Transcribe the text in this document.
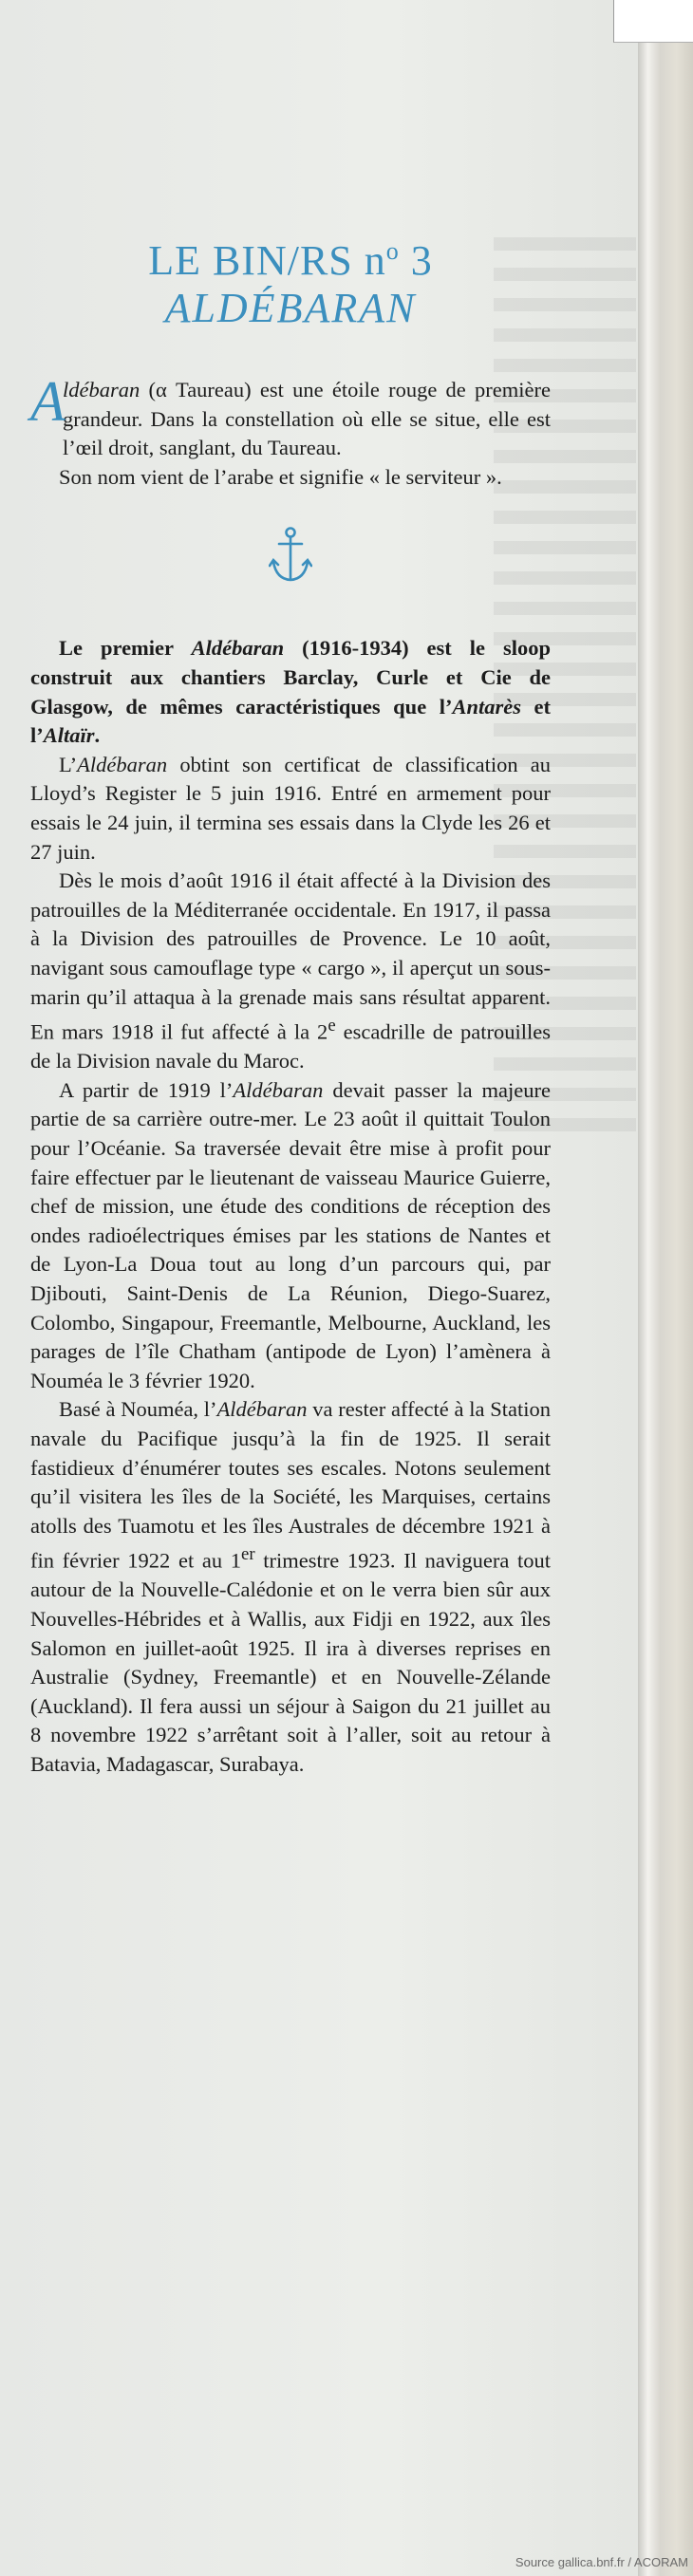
LE BIN/RS $n^o$ 3
ALDÉBARAN
A

ldébaran (α Taureau) est une étoile rouge de première grandeur. Dans la constellation où elle se situe, elle est l’œil droit, sanglant, du Taureau.

Son nom vient de l’arabe et signifie « le serviteur ».

Le premier Aldébaran (1916-1934) est le sloop construit aux chantiers Barclay, Curle et Cie de Glasgow, de mêmes caractéristiques que l’Antarès et l’Altaïr.

L’Aldébaran obtint son certificat de classification au Lloyd’s Register le 5 juin 1916. Entré en armement pour essais le 24 juin, il termina ses essais dans la Clyde les 26 et 27 juin.

Dès le mois d’août 1916 il était affecté à la Division des patrouilles de la Méditerranée occidentale. En 1917, il passa à la Division des patrouilles de Provence. Le 10 août, navigant sous camouflage type « cargo », il aperçut un sous-marin qu’il attaqua à la grenade mais sans résultat apparent. En mars 1918 il fut affecté à la 2e escadrille de patrouilles de la Division navale du Maroc.

A partir de 1919 l’Aldébaran devait passer la majeure partie de sa carrière outre-mer. Le 23 août il quittait Toulon pour l’Océanie. Sa traversée devait être mise à profit pour faire effectuer par le lieutenant de vaisseau Maurice Guierre, chef de mission, une étude des conditions de réception des ondes radioélectriques émises par les stations de Nantes et de Lyon-La Doua tout au long d’un parcours qui, par Djibouti, Saint-Denis de La Réunion, Diego-Suarez, Colombo, Singapour, Freemantle, Melbourne, Auckland, les parages de l’île Chatham (antipode de Lyon) l’amènera à Nouméa le 3 février 1920.

Basé à Nouméa, l’Aldébaran va rester affecté à la Station navale du Pacifique jusqu’à la fin de 1925. Il serait fastidieux d’énumérer toutes ses escales. Notons seulement qu’il visitera les îles de la Société, les Marquises, certains atolls des Tuamotu et les îles Australes de décembre 1921 à fin février 1922 et au 1er trimestre 1923. Il naviguera tout autour de la Nouvelle-Calédonie et on le verra bien sûr aux Nouvelles-Hébrides et à Wallis, aux Fidji en 1922, aux îles Salomon en juillet-août 1925. Il ira à diverses reprises en Australie (Sydney, Freemantle) et en Nouvelle-Zélande (Auckland). Il fera aussi un séjour à Saigon du 21 juillet au 8 novembre 1922 s’arrêtant soit à l’aller, soit au retour à Batavia, Madagascar, Surabaya.

Source gallica.bnf.fr / ACORAM
